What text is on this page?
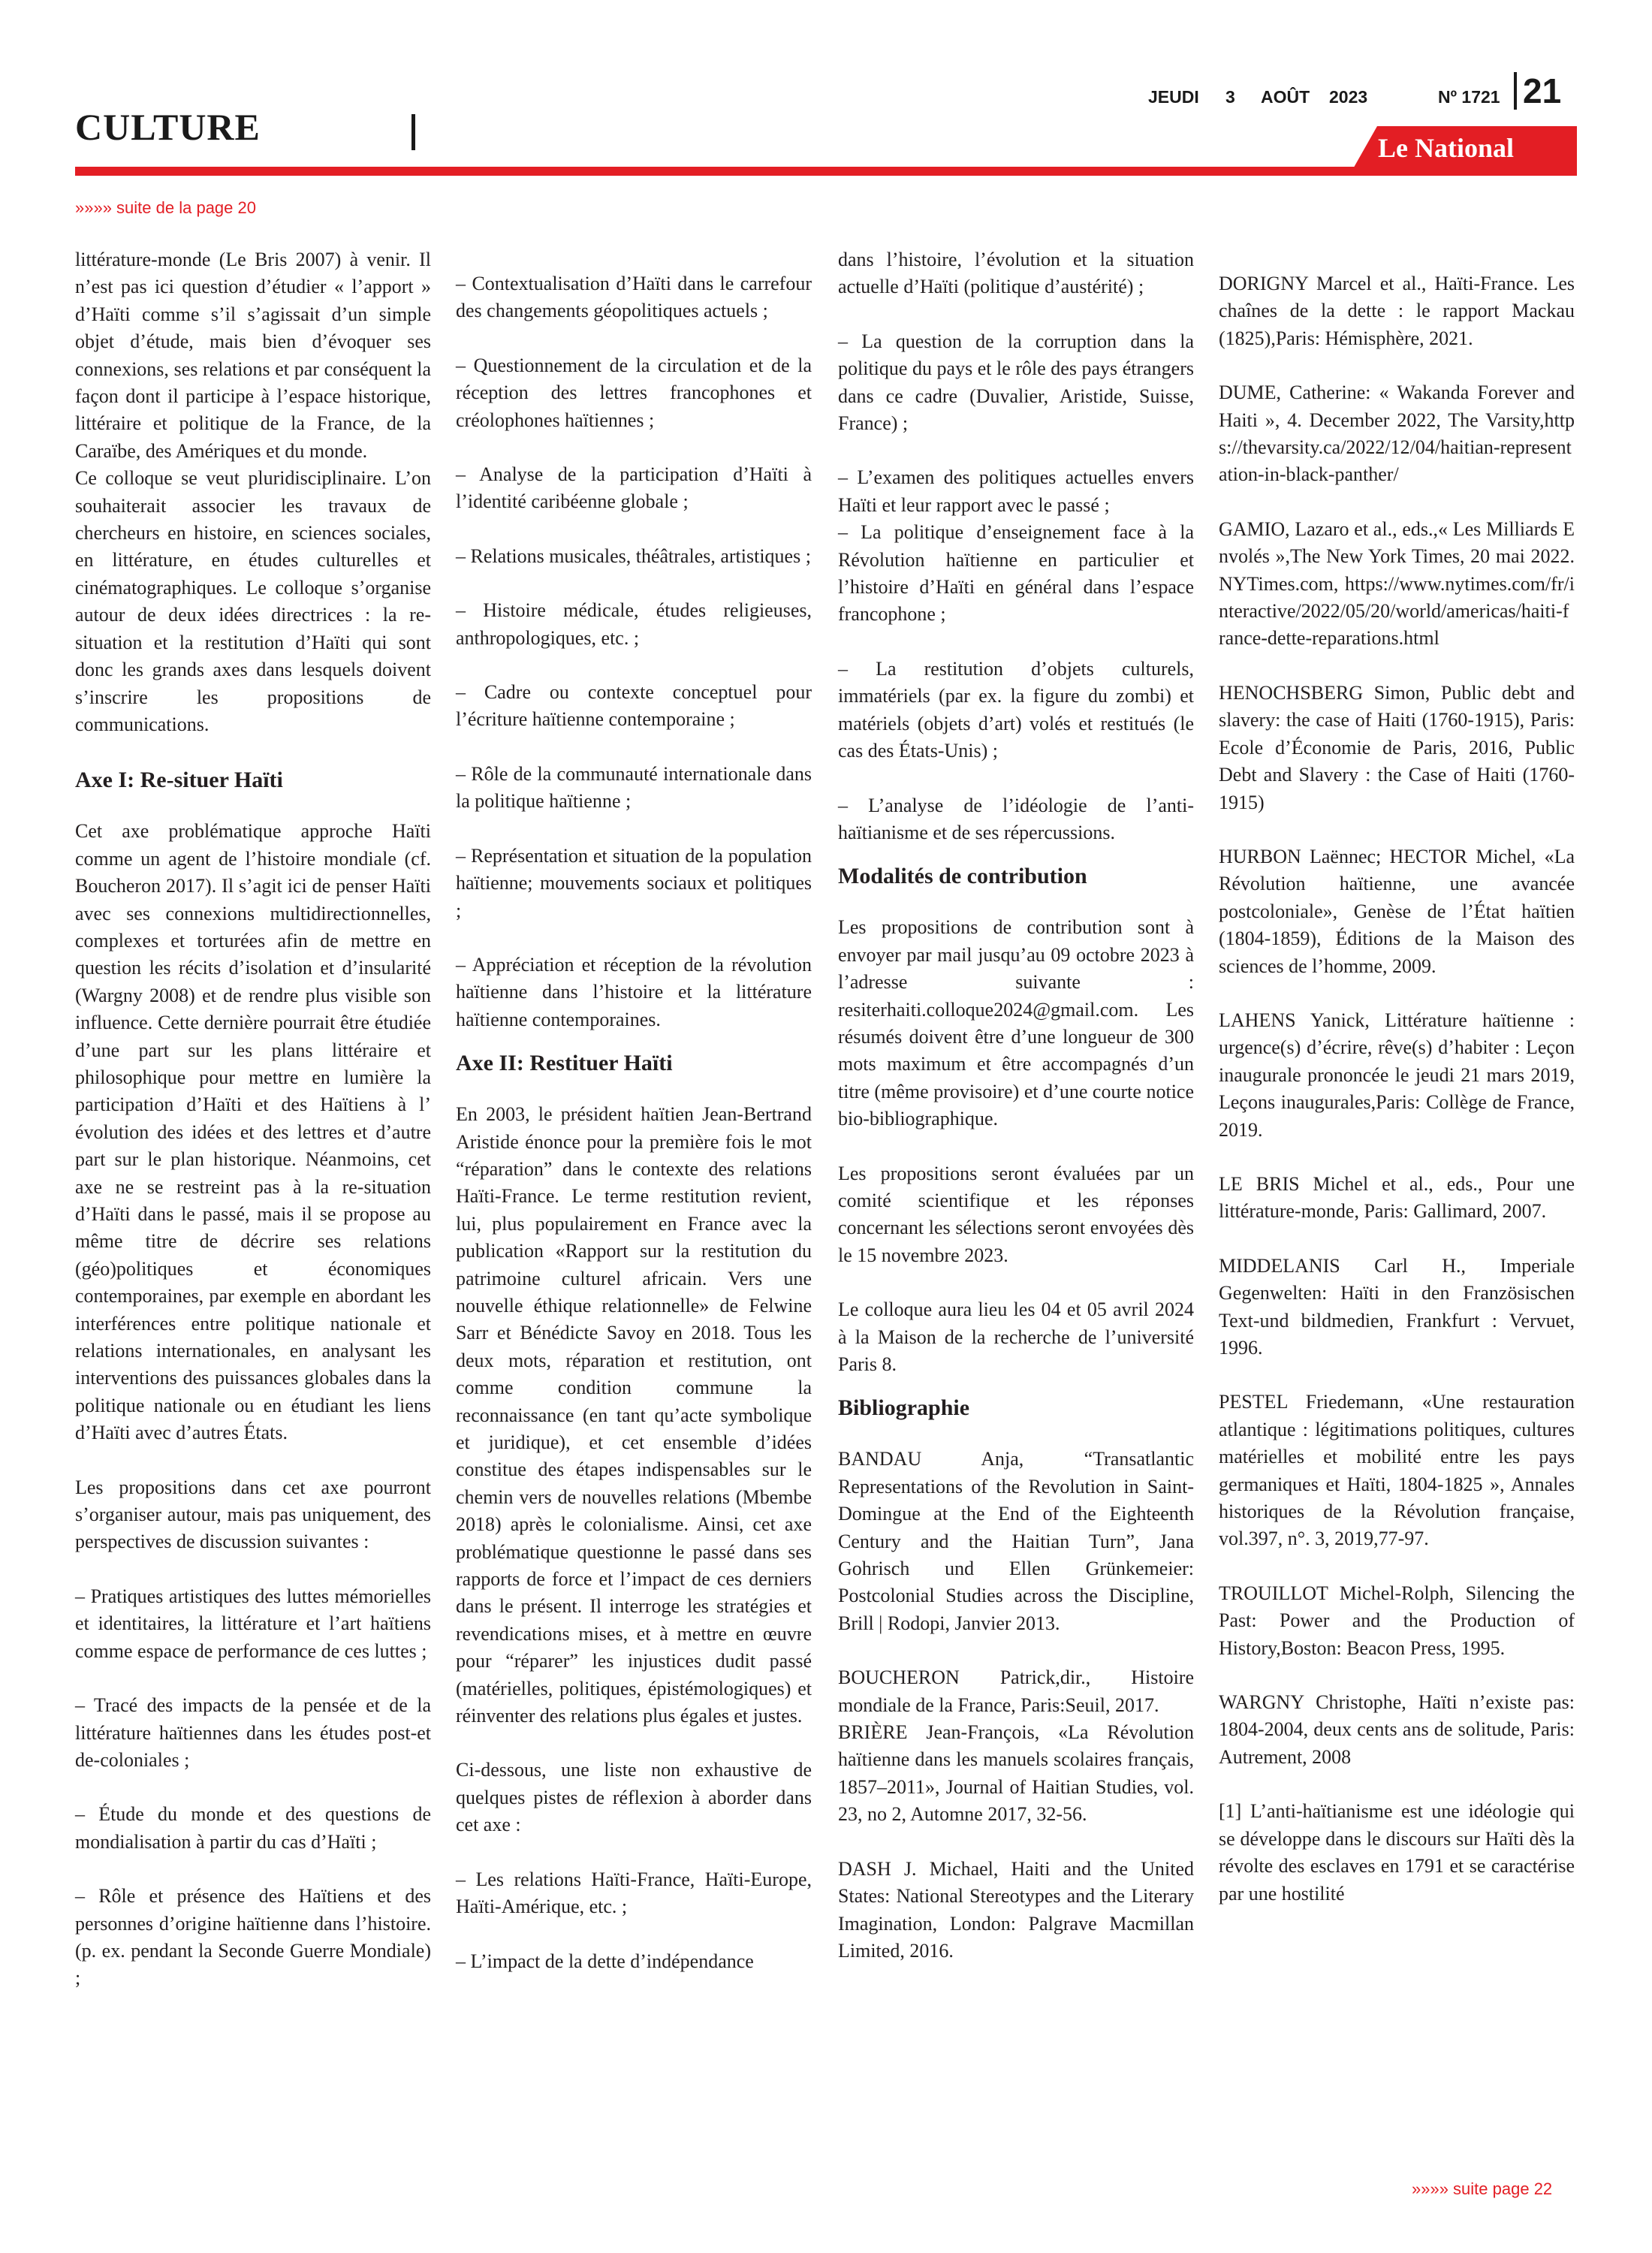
CULTURE
JEUDI 3 AOÛT 2023	Nº 1721 21
Le National
»»»» suite de la page 20

littérature-monde (Le Bris 2007) à venir. Il n’est pas ici question d’étudier « l’apport » d’Haïti comme s’il s’agissait d’un simple objet d’étude, mais bien d’évoquer ses connexions, ses relations et par conséquent la façon dont il participe à l’espace historique, littéraire et politique de la France, de la Caraïbe, des Amériques et du monde.

Ce colloque se veut pluridisciplinaire. L’on souhaiterait associer les travaux de chercheurs en histoire, en sciences sociales, en littérature, en études culturelles et cinématographiques. Le colloque s’organise autour de deux idées directrices : la re-situation et la restitution d’Haïti qui sont donc les grands axes dans lesquels doivent s’inscrire les propositions de communications.

Axe I: Re-situer Haïti

Cet axe problématique approche Haïti comme un agent de l’histoire mondiale (cf. Boucheron 2017). Il s’agit ici de penser Haïti avec ses connexions multidirectionnelles, complexes et torturées afin de mettre en question les récits d’isolation et d’insularité (Wargny 2008) et de rendre plus visible son influence. Cette dernière pourrait être étudiée d’une part sur les plans littéraire et philosophique pour mettre en lumière la participation d’Haïti et des Haïtiens à l’ évolution des idées et des lettres et d’autre part sur le plan historique. Néanmoins, cet axe ne se restreint pas à la re-situation d’Haïti dans le passé, mais il se propose au même titre de décrire ses relations (géo)politiques et économiques contemporaines, par exemple en abordant les interférences entre politique nationale et relations internationales, en analysant les interventions des puissances globales dans la politique nationale ou en étudiant les liens d’Haïti avec d’autres États.

Les propositions dans cet axe pourront s’organiser autour, mais pas uniquement, des perspectives de discussion suivantes :

– Pratiques artistiques des luttes mémorielles et identitaires, la littérature et l’art haïtiens comme espace de performance de ces luttes ;

– Tracé des impacts de la pensée et de la littérature haïtiennes dans les études post-et de-coloniales ;

– Étude du monde et des questions de mondialisation à partir du cas d’Haïti ;

– Rôle et présence des Haïtiens et des personnes d’origine haïtienne dans l’histoire. (p. ex. pendant la Seconde Guerre Mondiale) ;

– Contextualisation d’Haïti dans le carrefour des changements géopolitiques actuels ;

– Questionnement de la circulation et de la réception des lettres francophones et créolophones haïtiennes ;

– Analyse de la participation d’Haïti à l’identité caribéenne globale ;

– Relations musicales, théâtrales, artistiques ;

– Histoire médicale, études religieuses, anthropologiques, etc. ;

– Cadre ou contexte conceptuel pour l’écriture haïtienne contemporaine ;

– Rôle de la communauté internationale dans la politique haïtienne ;

– Représentation et situation de la population haïtienne; mouvements sociaux et politiques ;

– Appréciation et réception de la révolution haïtienne dans l’histoire et la littérature haïtienne contemporaines.

Axe II: Restituer Haïti

En 2003, le président haïtien Jean-Bertrand Aristide énonce pour la première fois le mot “réparation” dans le contexte des relations Haïti-France. Le terme restitution revient, lui, plus populairement en France avec la publication «Rapport sur la restitution du patrimoine culturel africain. Vers une nouvelle éthique relationnelle» de Felwine Sarr et Bénédicte Savoy en 2018. Tous les deux mots, réparation et restitution, ont comme condition commune la reconnaissance (en tant qu’acte symbolique et juridique), et cet ensemble d’idées constitue des étapes indispensables sur le chemin vers de nouvelles relations (Mbembe 2018) après le colonialisme. Ainsi, cet axe problématique questionne le passé dans ses rapports de force et l’impact de ces derniers dans le présent. Il interroge les stratégies et revendications mises, et à mettre en œuvre pour “réparer” les injustices dudit passé (matérielles, politiques, épistémologiques) et réinventer des relations plus égales et justes.

Ci-dessous, une liste non exhaustive de quelques pistes de réflexion à aborder dans cet axe :

– Les relations Haïti-France, Haïti-Europe, Haïti-Amérique, etc. ;

– L’impact de la dette d’indépendance

dans l’histoire, l’évolution et la situation actuelle d’Haïti (politique d’austérité) ;

– La question de la corruption dans la politique du pays et le rôle des pays étrangers dans ce cadre (Duvalier, Aristide, Suisse, France) ;

– L’examen des politiques actuelles envers Haïti et leur rapport avec le passé ;

– La politique d’enseignement face à la Révolution haïtienne en particulier et l’histoire d’Haïti en général dans l’espace francophone ;

– La restitution d’objets culturels, immatériels (par ex. la figure du zombi) et matériels (objets d’art) volés et restitués (le cas des États-Unis) ;

– L’analyse de l’idéologie de l’anti-haïtianisme et de ses répercussions.

Modalités de contribution

Les propositions de contribution sont à envoyer par mail jusqu’au 09 octobre 2023 à l’adresse suivante : resiterhaiti.colloque2024@gmail.com. Les résumés doivent être d’une longueur de 300 mots maximum et être accompagnés d’un titre (même provisoire) et d’une courte notice bio-bibliographique.

Les propositions seront évaluées par un comité scientifique et les réponses concernant les sélections seront envoyées dès le 15 novembre 2023.

Le colloque aura lieu les 04 et 05 avril 2024 à la Maison de la recherche de l’université Paris 8.

Bibliographie

BANDAU Anja, “Transatlantic Representations of the Revolution in Saint-Domingue at the End of the Eighteenth Century and the Haitian Turn”, Jana Gohrisch und Ellen Grünkemeier: Postcolonial Studies across the Discipline, Brill | Rodopi, Janvier 2013.

BOUCHERON Patrick,dir., Histoire mondiale de la France, Paris:Seuil, 2017.

BRIÈRE Jean-François, «La Révolution haïtienne dans les manuels scolaires français, 1857–2011», Journal of Haitian Studies, vol. 23, no 2, Automne 2017, 32-56.

DASH J. Michael, Haiti and the United States: National Stereotypes and the Literary Imagination, London: Palgrave Macmillan Limited, 2016.

DORIGNY Marcel et al., Haïti-France. Les chaînes de la dette : le rapport Mackau (1825),Paris: Hémisphère, 2021.

DUME, Catherine: « Wakanda Forever and Haiti », 4. December 2022, The Varsity,https://thevarsity.ca/2022/12/04/haitian-representation-in-black-panther/

GAMIO, Lazaro et al., eds.,« Les Milliards Envolés »,The New York Times, 20 mai 2022. NYTimes.com, https://www.nytimes.com/fr/interactive/2022/05/20/world/americas/haiti-france-dette-reparations.html

HENOCHSBERG Simon, Public debt and slavery: the case of Haiti (1760-1915), Paris: Ecole d’Économie de Paris, 2016, Public Debt and Slavery : the Case of Haiti (1760-1915)

HURBON Laënnec; HECTOR Michel, «La Révolution haïtienne, une avancée postcoloniale», Genèse de l’État haïtien (1804-1859), Éditions de la Maison des sciences de l’homme, 2009.

LAHENS Yanick, Littérature haïtienne : urgence(s) d’écrire, rêve(s) d’habiter : Leçon inaugurale prononcée le jeudi 21 mars 2019, Leçons inaugurales,Paris: Collège de France, 2019.

LE BRIS Michel et al., eds., Pour une littérature-monde, Paris: Gallimard, 2007.

MIDDELANIS Carl H., Imperiale Gegenwelten: Haïti in den Französischen Text-und bildmedien, Frankfurt : Vervuet, 1996.

PESTEL Friedemann, «Une restauration atlantique : légitimations politiques, cultures matérielles et mobilité entre les pays germaniques et Haïti, 1804-1825 », Annales historiques de la Révolution française, vol.397, n°. 3, 2019,77-97.

TROUILLOT Michel-Rolph, Silencing the Past: Power and the Production of History,Boston: Beacon Press, 1995.

WARGNY Christophe, Haïti n’existe pas: 1804-2004, deux cents ans de solitude, Paris: Autrement, 2008

[1] L’anti-haïtianisme est une idéologie qui se développe dans le discours sur Haïti dès la révolte des esclaves en 1791 et se caractérise par une hostilité

»»»» suite page 22
